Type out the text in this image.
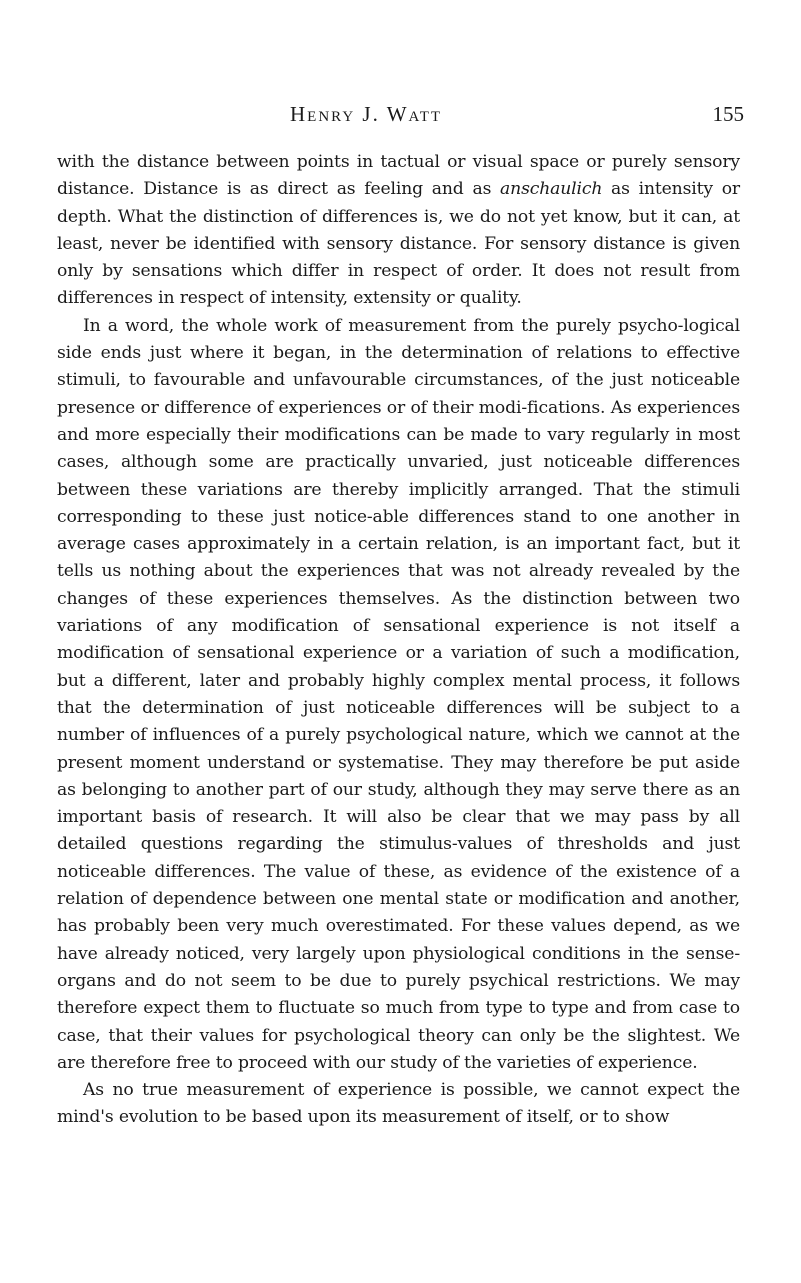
Henry J. Watt	155

with the distance between points in tactual or visual space or purely sensory distance. Distance is as direct as feeling and as anschaulich as intensity or depth. What the distinction of differences is, we do not yet know, but it can, at least, never be identified with sensory distance. For sensory distance is given only by sensations which differ in respect of order. It does not result from differences in respect of intensity, extensity or quality.

In a word, the whole work of measurement from the purely psycho-logical side ends just where it began, in the determination of relations to effective stimuli, to favourable and unfavourable circumstances, of the just noticeable presence or difference of experiences or of their modi-fications. As experiences and more especially their modifications can be made to vary regularly in most cases, although some are practically unvaried, just noticeable differences between these variations are thereby implicitly arranged. That the stimuli corresponding to these just notice-able differences stand to one another in average cases approximately in a certain relation, is an important fact, but it tells us nothing about the experiences that was not already revealed by the changes of these experiences themselves. As the distinction between two variations of any modification of sensational experience is not itself a modification of sensational experience or a variation of such a modification, but a different, later and probably highly complex mental process, it follows that the determination of just noticeable differences will be subject to a number of influences of a purely psychological nature, which we cannot at the present moment understand or systematise. They may therefore be put aside as belonging to another part of our study, although they may serve there as an important basis of research. It will also be clear that we may pass by all detailed questions regarding the stimulus-values of thresholds and just noticeable differences. The value of these, as evidence of the existence of a relation of dependence between one mental state or modification and another, has probably been very much overestimated. For these values depend, as we have already noticed, very largely upon physiological conditions in the sense-organs and do not seem to be due to purely psychical restrictions. We may therefore expect them to fluctuate so much from type to type and from case to case, that their values for psychological theory can only be the slightest. We are therefore free to proceed with our study of the varieties of experience.

As no true measurement of experience is possible, we cannot expect the mind's evolution to be based upon its measurement of itself, or to show
